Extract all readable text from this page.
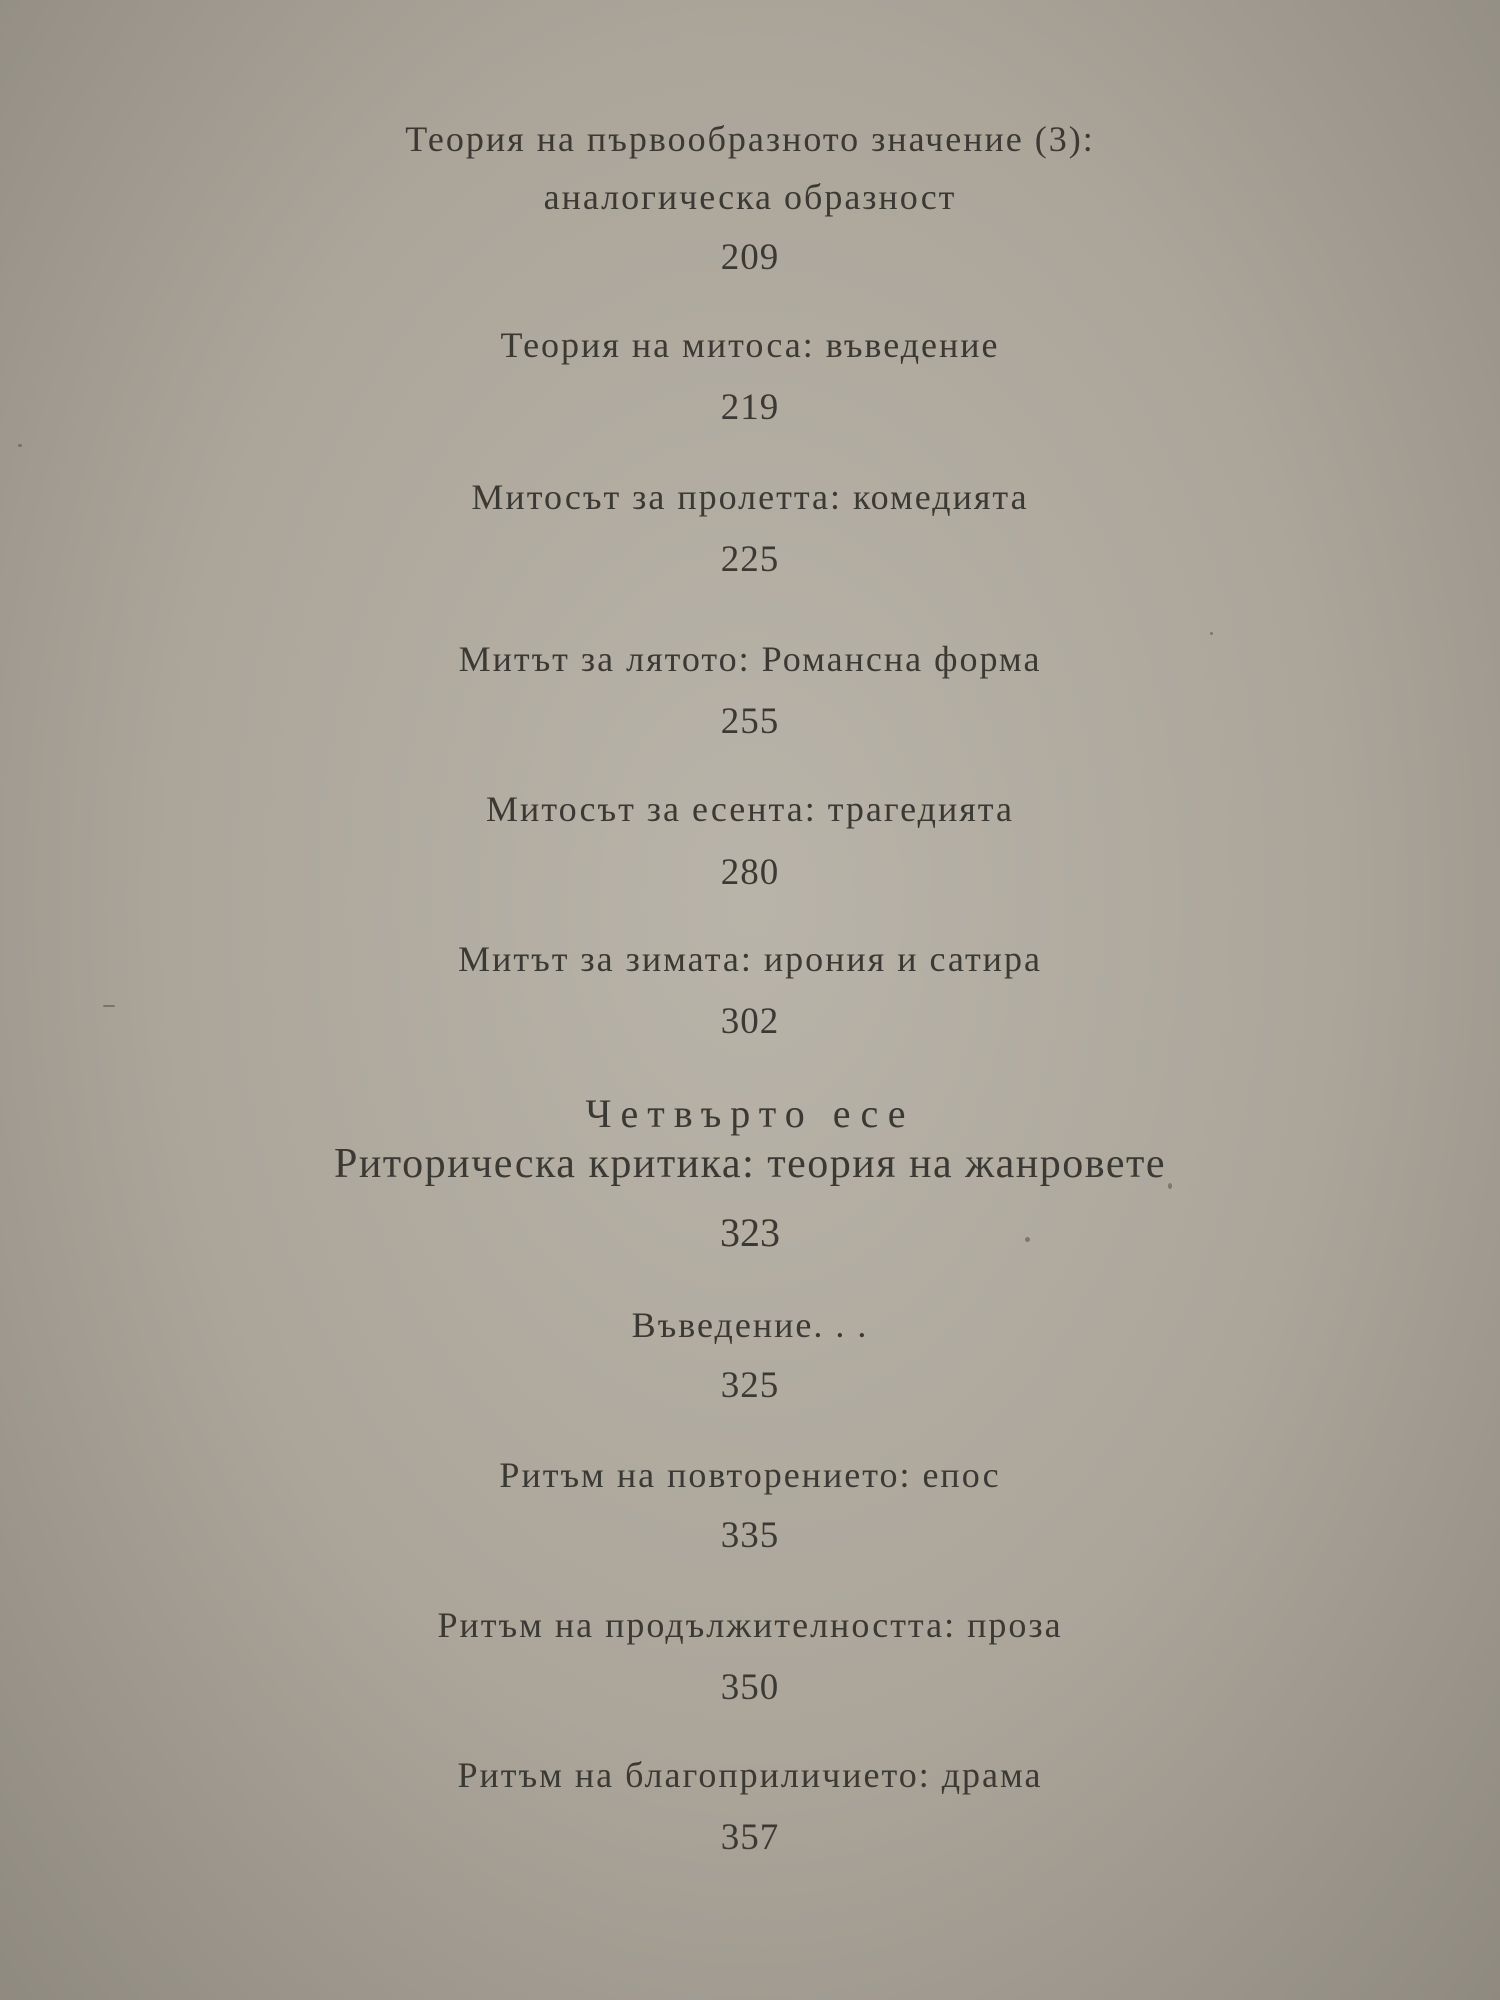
Теория на първообразното значение (3):
аналогическа образност
209
Теория на митоса: въведение
219
Митосът за пролетта: комедията
225
Митът за лятото: Романсна форма
255
Митосът за есента: трагедията
280
Митът за зимата: ирония и сатира
302
Четвърто есе
Риторическа критика: теория на жанровете
323
Въведение. . .
325
Ритъм на повторението: епос
335
Ритъм на продължителността: проза
350
Ритъм на благоприличието: драма
357
